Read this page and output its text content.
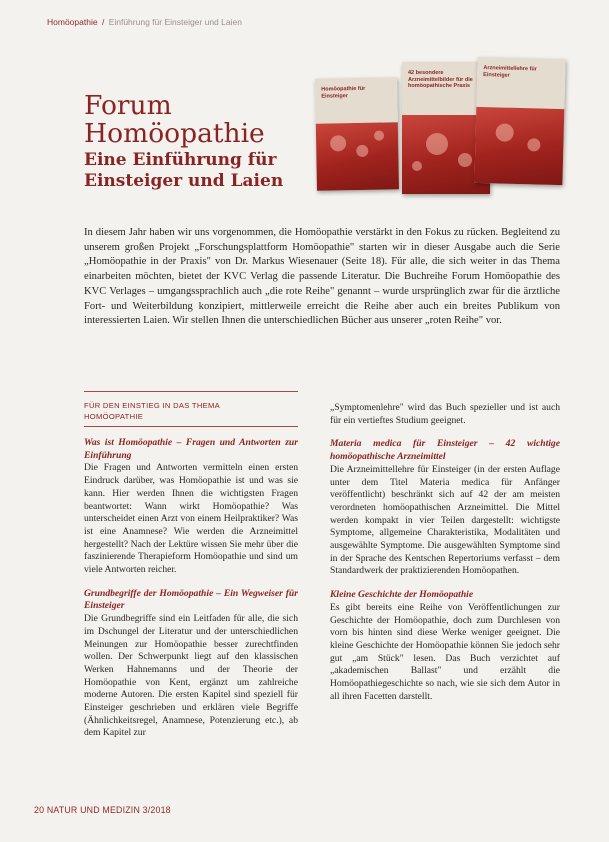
Homöopathie / Einführung für Einsteiger und Laien
Forum
Homöopathie
Eine Einführung für
Einsteiger und Laien
Homöopathie für Einsteiger
42 besondere Arzneimittelbilder für die homöopathische Praxis
Arzneimittellehre für Einsteiger
In diesem Jahr haben wir uns vorgenommen, die Homöopathie verstärkt in den Fokus zu rücken. Begleitend zu unserem großen Projekt „Forschungsplattform Homöopathie" starten wir in dieser Ausgabe auch die Serie „Homöopathie in der Praxis" von Dr. Markus Wiesenauer (Seite 18). Für alle, die sich weiter in das Thema einarbeiten möchten, bietet der KVC Verlag die passende Literatur. Die Buchreihe Forum Homöopathie des KVC Verlages – umgangssprachlich auch „die rote Reihe" genannt – wurde ursprünglich zwar für die ärztliche Fort- und Weiterbildung konzipiert, mittlerweile erreicht die Reihe aber auch ein breites Publikum von interessierten Laien. Wir stellen Ihnen die unterschiedlichen Bücher aus unserer „roten Reihe" vor.
FÜR DEN EINSTIEG IN DAS THEMA
HOMÖOPATHIE

Was ist Homöopathie – Fragen und Antworten zur Einführung

Die Fragen und Antworten vermitteln einen ersten Eindruck darüber, was Homöopathie ist und was sie kann. Hier werden Ihnen die wichtigsten Fragen beantwortet: Wann wirkt Homöopathie? Was unterscheidet einen Arzt von einem Heilpraktiker? Was ist eine Anamnese? Wie werden die Arzneimittel hergestellt? Nach der Lektüre wissen Sie mehr über die faszinierende Therapieform Homöopathie und sind um viele Antworten reicher.

Grundbegriffe der Homöopathie – Ein Wegweiser für Einsteiger

Die Grundbegriffe sind ein Leitfaden für alle, die sich im Dschungel der Literatur und der unterschiedlichen Meinungen zur Homöopathie besser zurechtfinden wollen. Der Schwerpunkt liegt auf den klassischen Werken Hahnemanns und der Theorie der Homöopathie von Kent, ergänzt um zahlreiche moderne Autoren. Die ersten Kapitel sind speziell für Einsteiger geschrieben und erklären viele Begriffe (Ähnlichkeitsregel, Anamnese, Potenzierung etc.), ab dem Kapitel zur

„Symptomenlehre" wird das Buch spezieller und ist auch für ein vertieftes Studium geeignet.

Materia medica für Einsteiger – 42 wichtige homöopathische Arzneimittel

Die Arzneimittellehre für Einsteiger (in der ersten Auflage unter dem Titel Materia medica für Anfänger veröffentlicht) beschränkt sich auf 42 der am meisten verordneten homöopathischen Arzneimittel. Die Mittel werden kompakt in vier Teilen dargestellt: wichtigste Symptome, allgemeine Charakteristika, Modalitäten und ausgewählte Symptome. Die ausgewählten Symptome sind in der Sprache des Kentschen Repertoriums verfasst – dem Standardwerk der praktizierenden Homöopathen.

Kleine Geschichte der Homöopathie

Es gibt bereits eine Reihe von Veröffentlichungen zur Geschichte der Homöopathie, doch zum Durchlesen von vorn bis hinten sind diese Werke weniger geeignet. Die kleine Geschichte der Homöopathie können Sie jedoch sehr gut „am Stück" lesen. Das Buch verzichtet auf „akademischen Ballast" und erzählt die Homöopathiegeschichte so nach, wie sie sich dem Autor in all ihren Facetten darstellt.

20 NATUR UND MEDIZIN 3/2018
